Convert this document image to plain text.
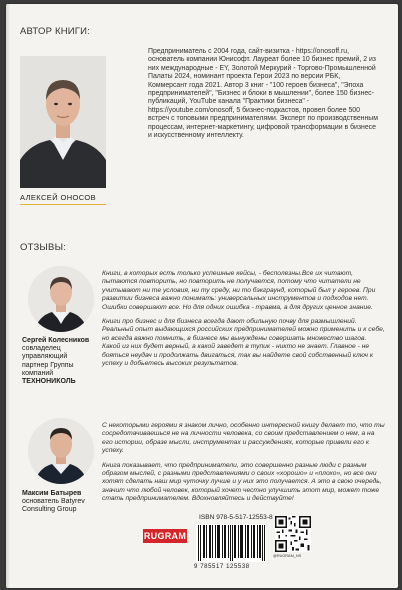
АВТОР КНИГИ:
АЛЕКСЕЙ ОНОСОВ
Предприниматель с 2004 года, сайт-визитка - https://onosoff.ru, основатель компании Юнисофт. Лауреат более 10 бизнес премий, 2 из них международные - EY, Золотой Меркурий - Торгово-Промышленной Палаты 2024, номинант проекта Герои 2023 по версии РБК, Коммерсант года 2021. Автор 3 книг - "100 героев бизнеса", "Эпоха предпринимателей", "Бизнес и блоки в мышлении", более 150 бизнес-публикаций, YouTube канала "Практики бизнеса" - https://youtube.com/onosoff, 5 бизнес-подкастов, провел более 500 встреч с топовыми предпринимателями. Эксперт по производственным процессам, интернет-маркетингу, цифровой трансформации в бизнесе и искусственному интеллекту.
ОТЗЫВЫ:
Сергей Колесников
совладелец
управляющий
партнер Группы
компаний
ТЕХНОНИКОЛЬ

Книги, в которых есть только успешные кейсы, - бесполезны.Все их читают, пытаются повторить, но повторить не получается, потому что читатели не учитывают ни те условия, ни ту среду, ни то бэкграунд, который был у героев. При развитии бизнеса важно понимать: универсальных инструментов и подходов нет. Ошибки совершают все. Но для одних ошибка - травма, а для других ценное знание.

Книги про бизнес и для бизнеса всегда дают обильную почву для размышлений. Реальный опыт выдающихся российских предпринимателей можно применить и к себе, но всегда важно помнить, в бизнесе мы вынуждены совершать множество шагов. Какой из них будет верный, а какой заведет в тупик - никто не знает. Главное - не бояться неудач и продолжать двигаться, так вы найдете свой собственный ключ к успеху и добьетесь высоких результатов.

Максим Батырев
основатель Batyrev
Consulting Group

С некоторыми героями я знаком лично, особенно интересной книгу делает то, что ты сосредотачиваешься не на личности человека, со своим представлением о нем, а на его истории, образе мысли, инструментах и рассуждениях, которые привели его к успеху.

Книга показывает, что предприниматели, это совершенно разные люди с разным образом мыслей, с разными представлениями о своих «хорошо» и «плохо», но все они хотят сделать наш мир чуточку лучше и у них это получается. А это в свою очередь, значит что любой человек, который хочет честно улучшить этот мир, может тоже стать предпринимателем. Вдохновляйтесь и действуйте!

RUGRAM
ISBN 978-5-517-12553-8
9 785517 125538
@RUGRAM_NS
